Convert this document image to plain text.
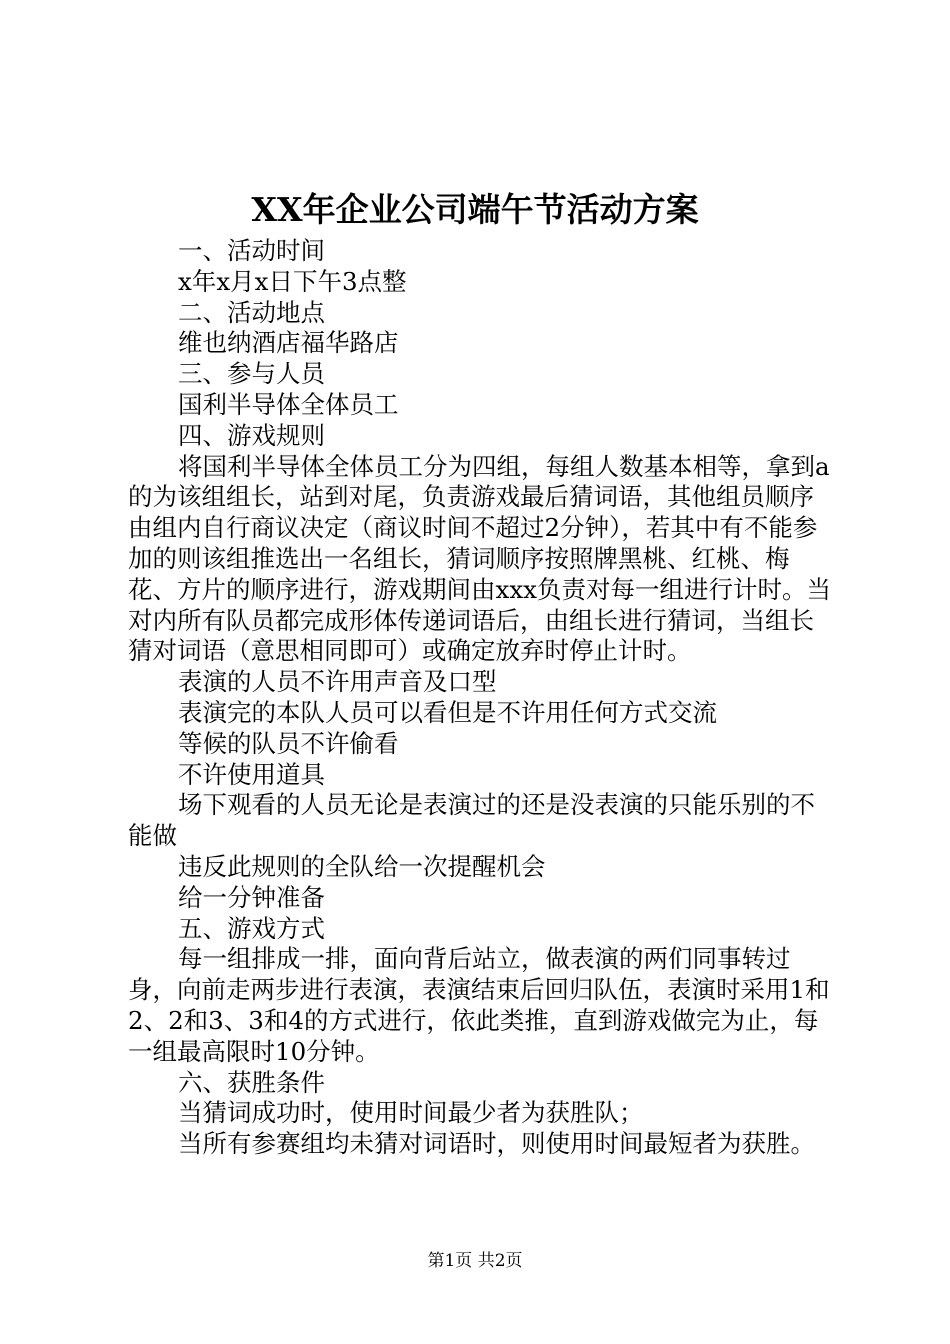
XX年企业公司端午节活动方案

一、活动时间

x年x月x日下午3点整

二、活动地点

维也纳酒店福华路店

三、参与人员

国利半导体全体员工

四、游戏规则

将国利半导体全体员工分为四组，每组人数基本相等，拿到a的为该组组长，站到对尾，负责游戏最后猜词语，其他组员顺序由组内自行商议决定（商议时间不超过2分钟），若其中有不能参加的则该组推选出一名组长，猜词顺序按照牌黑桃、红桃、梅花、方片的顺序进行，游戏期间由xxx负责对每一组进行计时。当对内所有队员都完成形体传递词语后，由组长进行猜词，当组长猜对词语（意思相同即可）或确定放弃时停止计时。

表演的人员不许用声音及口型

表演完的本队人员可以看但是不许用任何方式交流

等候的队员不许偷看

不许使用道具

场下观看的人员无论是表演过的还是没表演的只能乐别的不能做

违反此规则的全队给一次提醒机会

给一分钟准备

五、游戏方式

每一组排成一排，面向背后站立，做表演的两们同事转过身，向前走两步进行表演，表演结束后回归队伍，表演时采用1和2、2和3、3和4的方式进行，依此类推，直到游戏做完为止，每一组最高限时10分钟。

六、获胜条件

当猜词成功时，使用时间最少者为获胜队；

当所有参赛组均未猜对词语时，则使用时间最短者为获胜。

第1页 共2页
